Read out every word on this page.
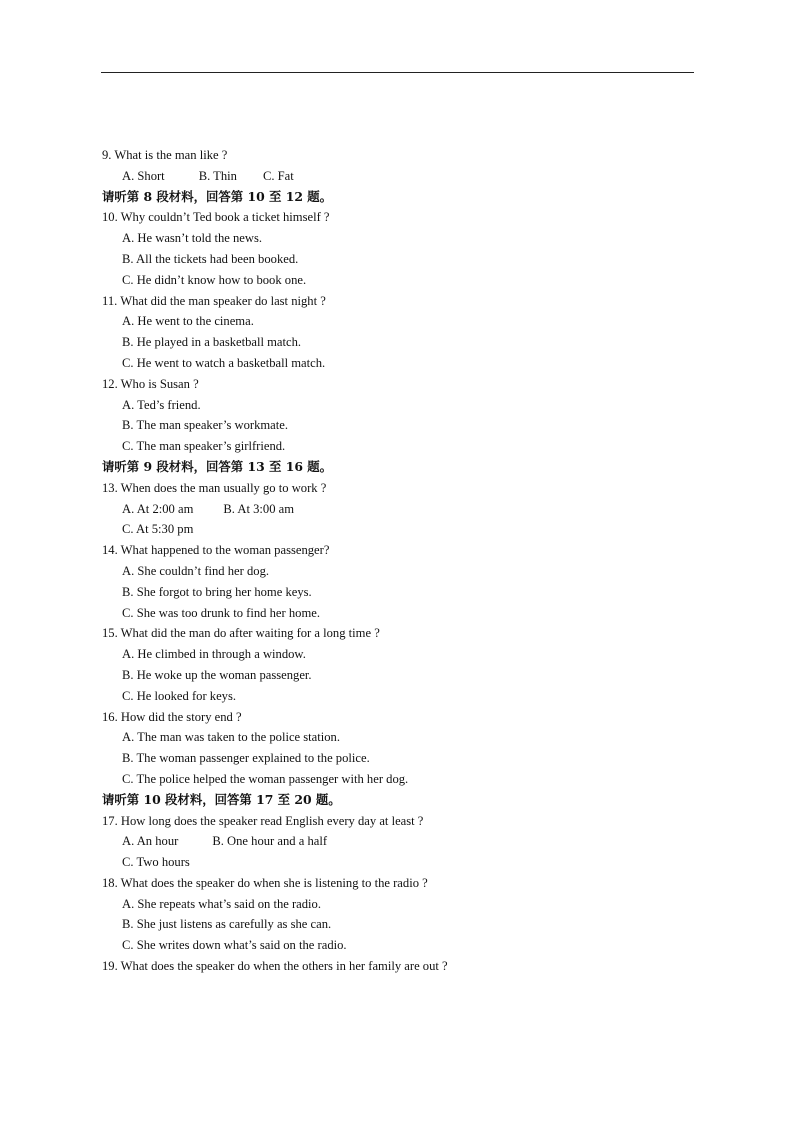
9. What is the man like ?
A. Short	B. Thin C. Fat
请听第 8 段材料，回答第 10 至 12 题。
10. Why couldn’t Ted book a ticket himself ?
A. He wasn’t told the news.
B. All the tickets had been booked.
C. He didn’t know how to book one.
11. What did the man speaker do last night ?
A. He went to the cinema.
B. He played in a basketball match.
C. He went to watch a basketball match.
12. Who is Susan ?
A. Ted’s friend.
B. The man speaker’s workmate.
C. The man speaker’s girlfriend.
请听第 9 段材料，回答第 13 至 16 题。
13. When does the man usually go to work ?
A. At 2:00 am B. At 3:00 am
C. At 5:30 pm
14. What happened to the woman passenger?
A. She couldn’t find her dog.
B. She forgot to bring her home keys.
C. She was too drunk to find her home.
15. What did the man do after waiting for a long time ?
A. He climbed in through a window.
B. He woke up the woman passenger.
C. He looked for keys.
16. How did the story end ?
A. The man was taken to the police station.
B. The woman passenger explained to the police.
C. The police helped the woman passenger with her dog.
请听第 10 段材料，回答第 17 至 20 题。
17. How long does the speaker read English every day at least ?
A. An hour	B. One hour and a half
C. Two hours
18. What does the speaker do when she is listening to the radio ?
A. She repeats what’s said on the radio.
B. She just listens as carefully as she can.
C. She writes down what’s said on the radio.
19. What does the speaker do when the others in her family are out ?
